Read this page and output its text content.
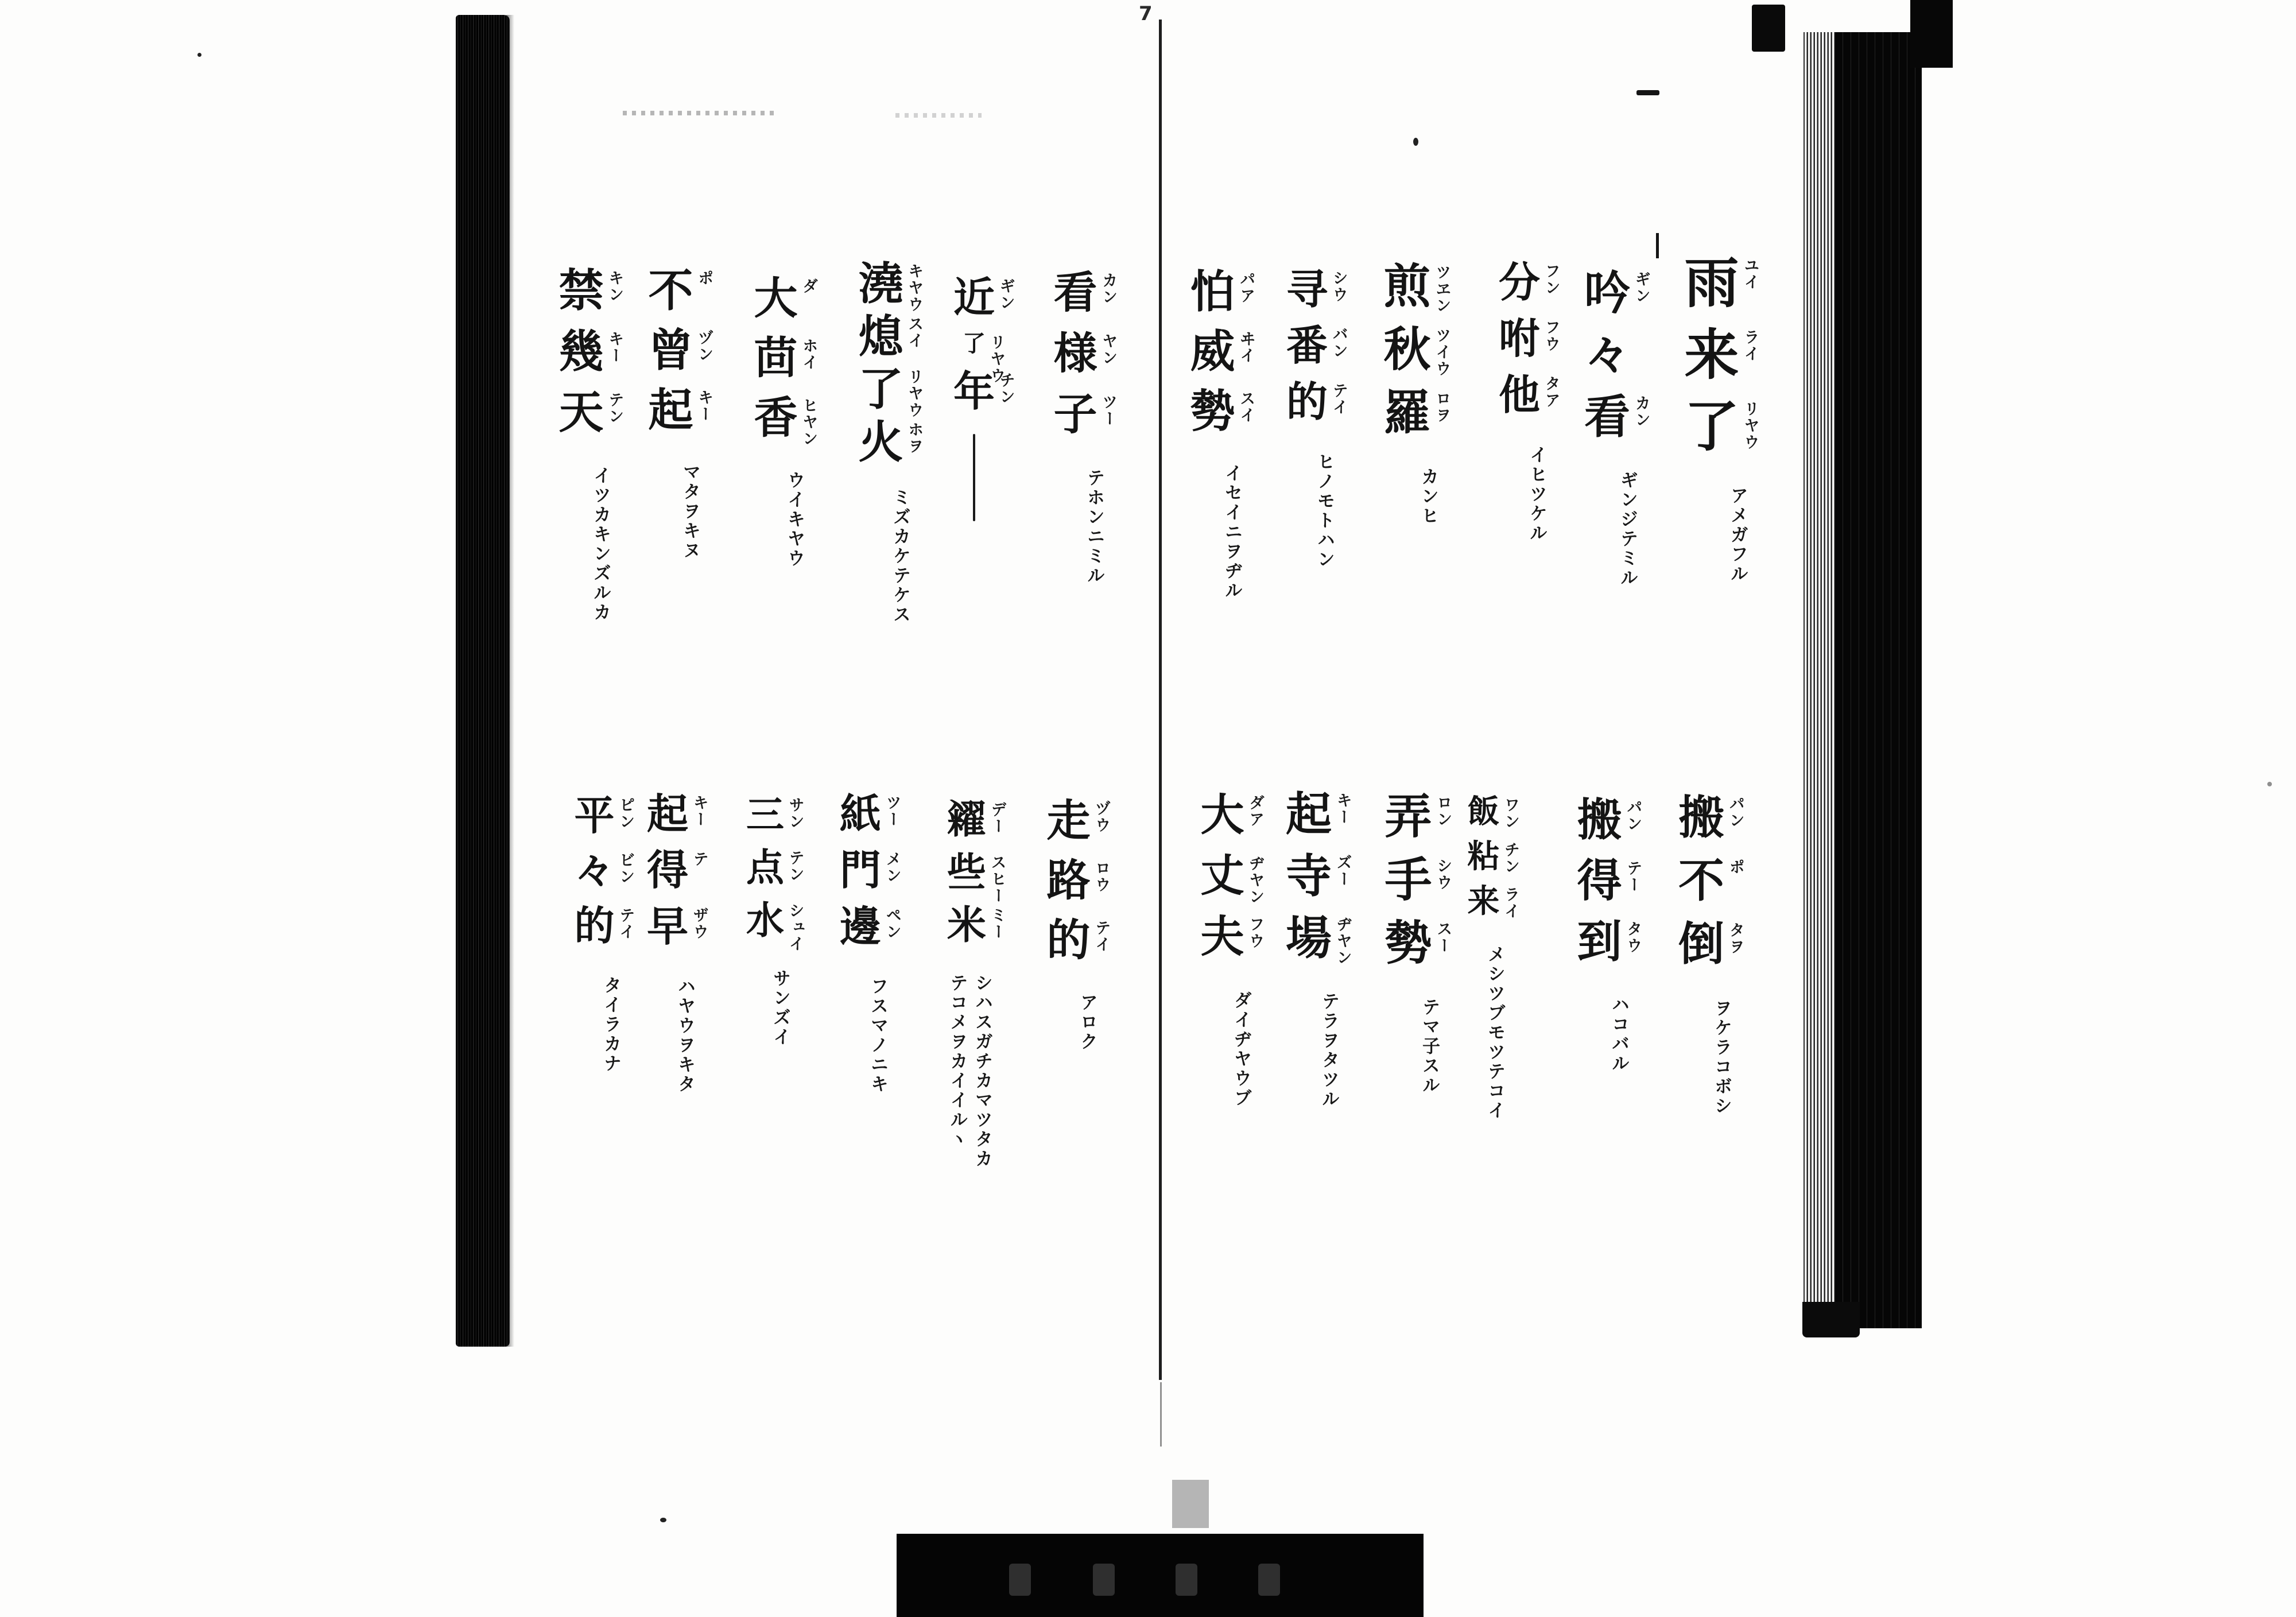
7
雨 ユイ
来 ライ
了 リヤウ
アメガフル
吟 ギン
々
看 カン
ギンジテミル
分 フン
咐 フウ
他 タア
イヒツケル
煎 ツヱン
秋 ツイウ
羅 ロヲ
カンヒ
寻 シウ
番 バン
的 テイ
ヒノモトハン
怕 パア
威 ヰイ
勢 スイ
イセイニヲヂル
搬 パン
不 ポ
倒 タヲ
ヲケラコボシ
搬 パン
得 テー
到 タウ
ハコバル
飯 ワン
粘 チン
来 ライ
メシツブモツテコイ
弄 ロン
手 シウ
勢 スー
テマ子スル
起 キー
寺 ズー
場 ヂヤン
テラヲタツル
大 ダア
丈 ヂヤン
夫 フウ
ダイヂヤウブ
看 カン
様 ヤン
子 ツー
テホンニミル
近 ギン
了 リヤウ
年 チン
澆 キヤウ
熄 スイ
了 リヤウ
火 ホヲ
ミズカケテケス
大 ダ
茴 ホイ
香 ヒヤン
ウイキヤウ
不 ポ
曾 ヅン
起 キー
マタヲキヌ
禁 キン
幾 キー
天 テン
イツカキンズルカ
走 ヅウ
路 ロウ
的 テイ
アロク
糴 デー
些 スヒー
米 ミー
シハスガチカマツタカ
テコメヲカイイルヽ
紙 ツー
門 メン
邊 ペン
フスマノニキ
三 サン
点 テン
水 シュイ
サンズイ
起 キー
得 テ
早 ザウ
ハヤウヲキタ
平 ピン
々 ビン
的 テイ
タイラカナ
